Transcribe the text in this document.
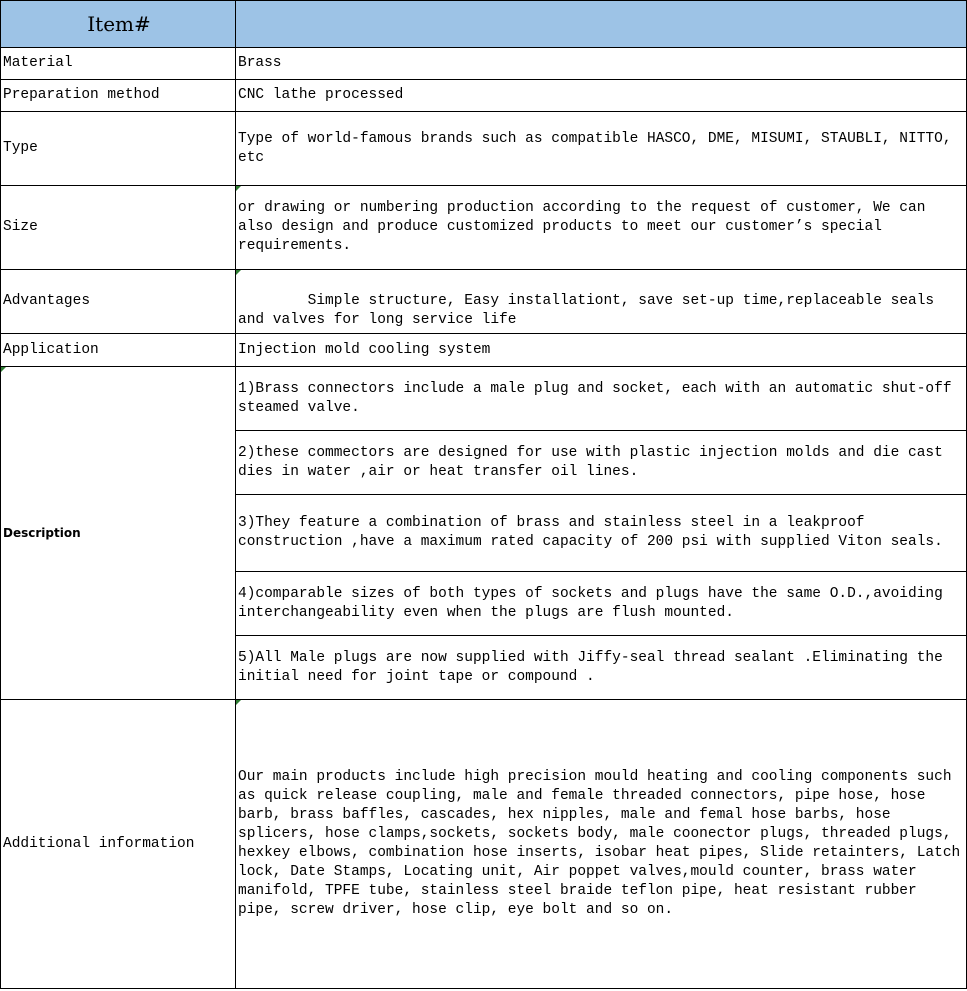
Item#	
Material	Brass
Preparation method	CNC lathe processed
Type	Type of world-famous brands such as compatible HASCO, DME, MISUMI, STAUBLI, NITTO, etc
Size	or drawing or numbering production according to the request of customer, We can also design and produce customized products to meet our customer’s special requirements.
Advantages	Simple structure, Easy installationt, save set-up time,replaceable seals and valves for long service life
Application	Injection mold cooling system

Description	1)Brass connectors include a male plug and socket, each with an automatic shut-off steamed valve.
	2)these commectors are designed for use with plastic injection molds and die cast dies in water ,air or heat transfer oil lines.
	3)They feature a combination of brass and stainless steel in a leakproof construction ,have a maximum rated capacity of 200 psi with supplied Viton seals.
	4)comparable sizes of both types of sockets and plugs have the same O.D.,avoiding interchangeability even when the plugs are flush mounted.
	5)All Male plugs are now supplied with Jiffy-seal thread sealant .Eliminating the initial need for joint tape or compound .
Additional information	Our main products include high precision mould heating and cooling components such as quick release coupling, male and female threaded connectors, pipe hose, hose barb, brass baffles, cascades, hex nipples, male and femal hose barbs, hose splicers, hose clamps,sockets, sockets body, male coonector plugs, threaded plugs, hexkey elbows, combination hose inserts, isobar heat pipes, Slide retainters, Latch lock, Date Stamps, Locating unit, Air poppet valves,mould counter, brass water manifold, TPFE tube, stainless steel braide teflon pipe, heat resistant rubber pipe, screw driver, hose clip, eye bolt and so on.
